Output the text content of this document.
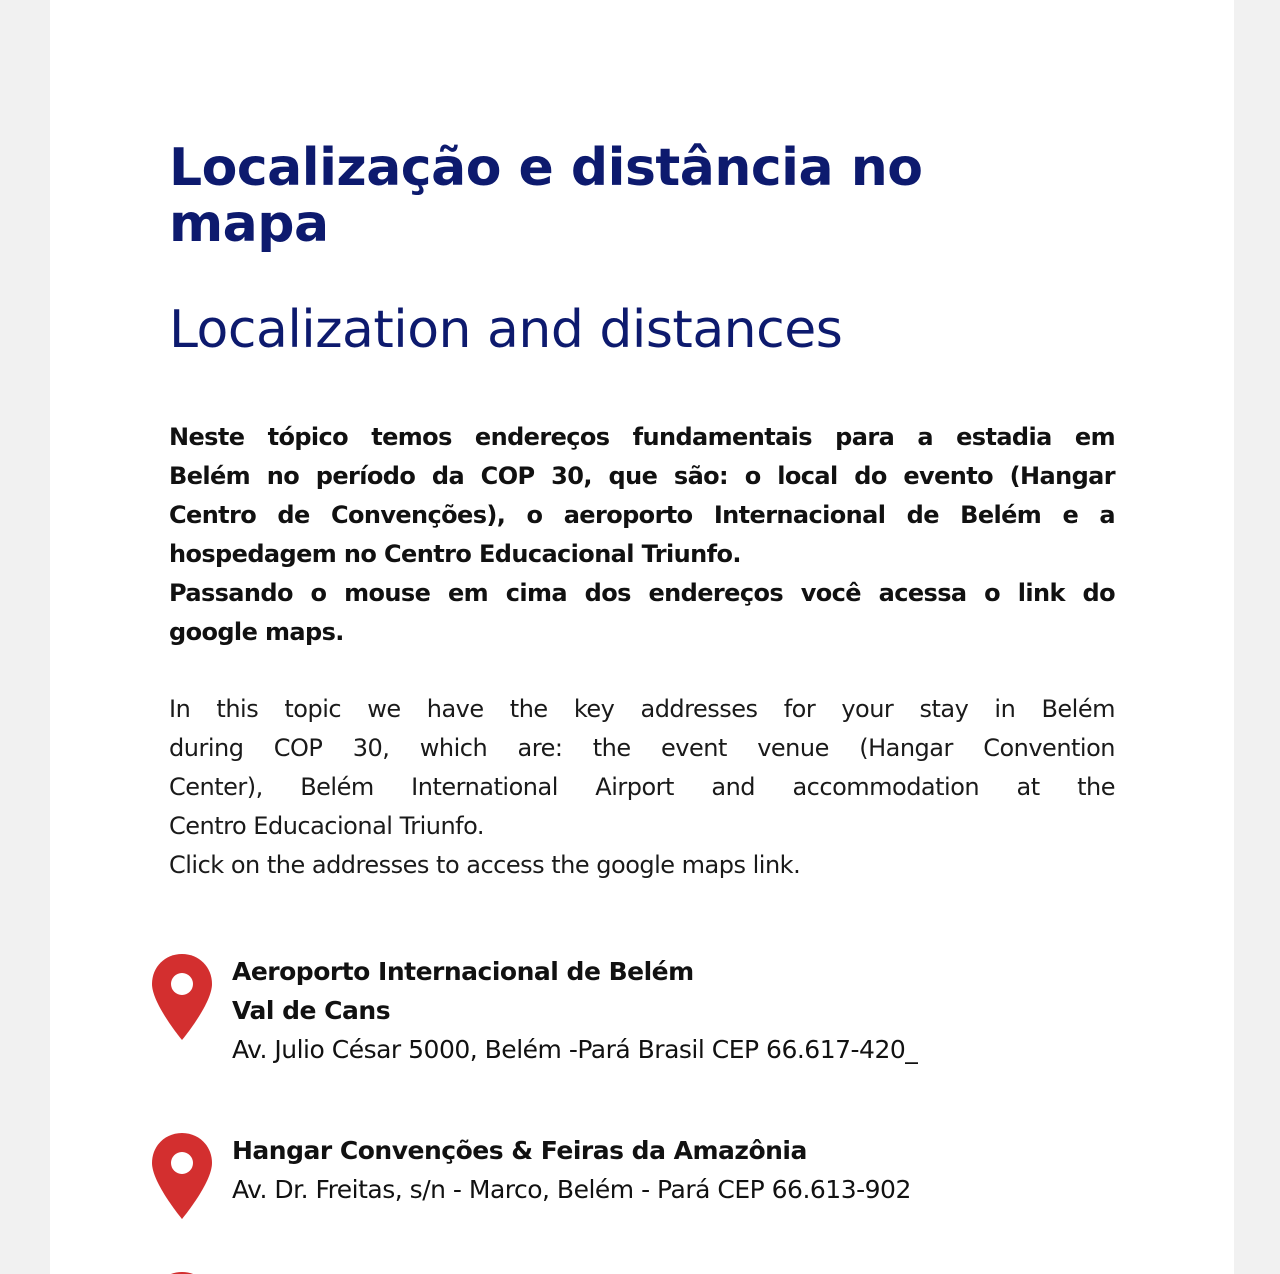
Localização e distância no
mapa
Localization and distances

Neste tópico temos endereços fundamentais para a estadia em
Belém no período da COP 30, que são: o local do evento (Hangar
Centro de Convenções), o aeroporto Internacional de Belém e a
hospedagem no Centro Educacional Triunfo.
Passando o mouse em cima dos endereços você acessa o link do
google maps.

In this topic we have the key addresses for your stay in Belém
during COP 30, which are: the event venue (Hangar Convention
Center), Belém International Airport and accommodation at the
Centro Educacional Triunfo.
Click on the addresses to access the google maps link.

Aeroporto Internacional de Belém
Val de Cans
Av. Julio César 5000, Belém -Pará Brasil CEP 66.617-420_
Hangar Convenções & Feiras da Amazônia
Av. Dr. Freitas, s/n - Marco, Belém - Pará CEP 66.613-902
